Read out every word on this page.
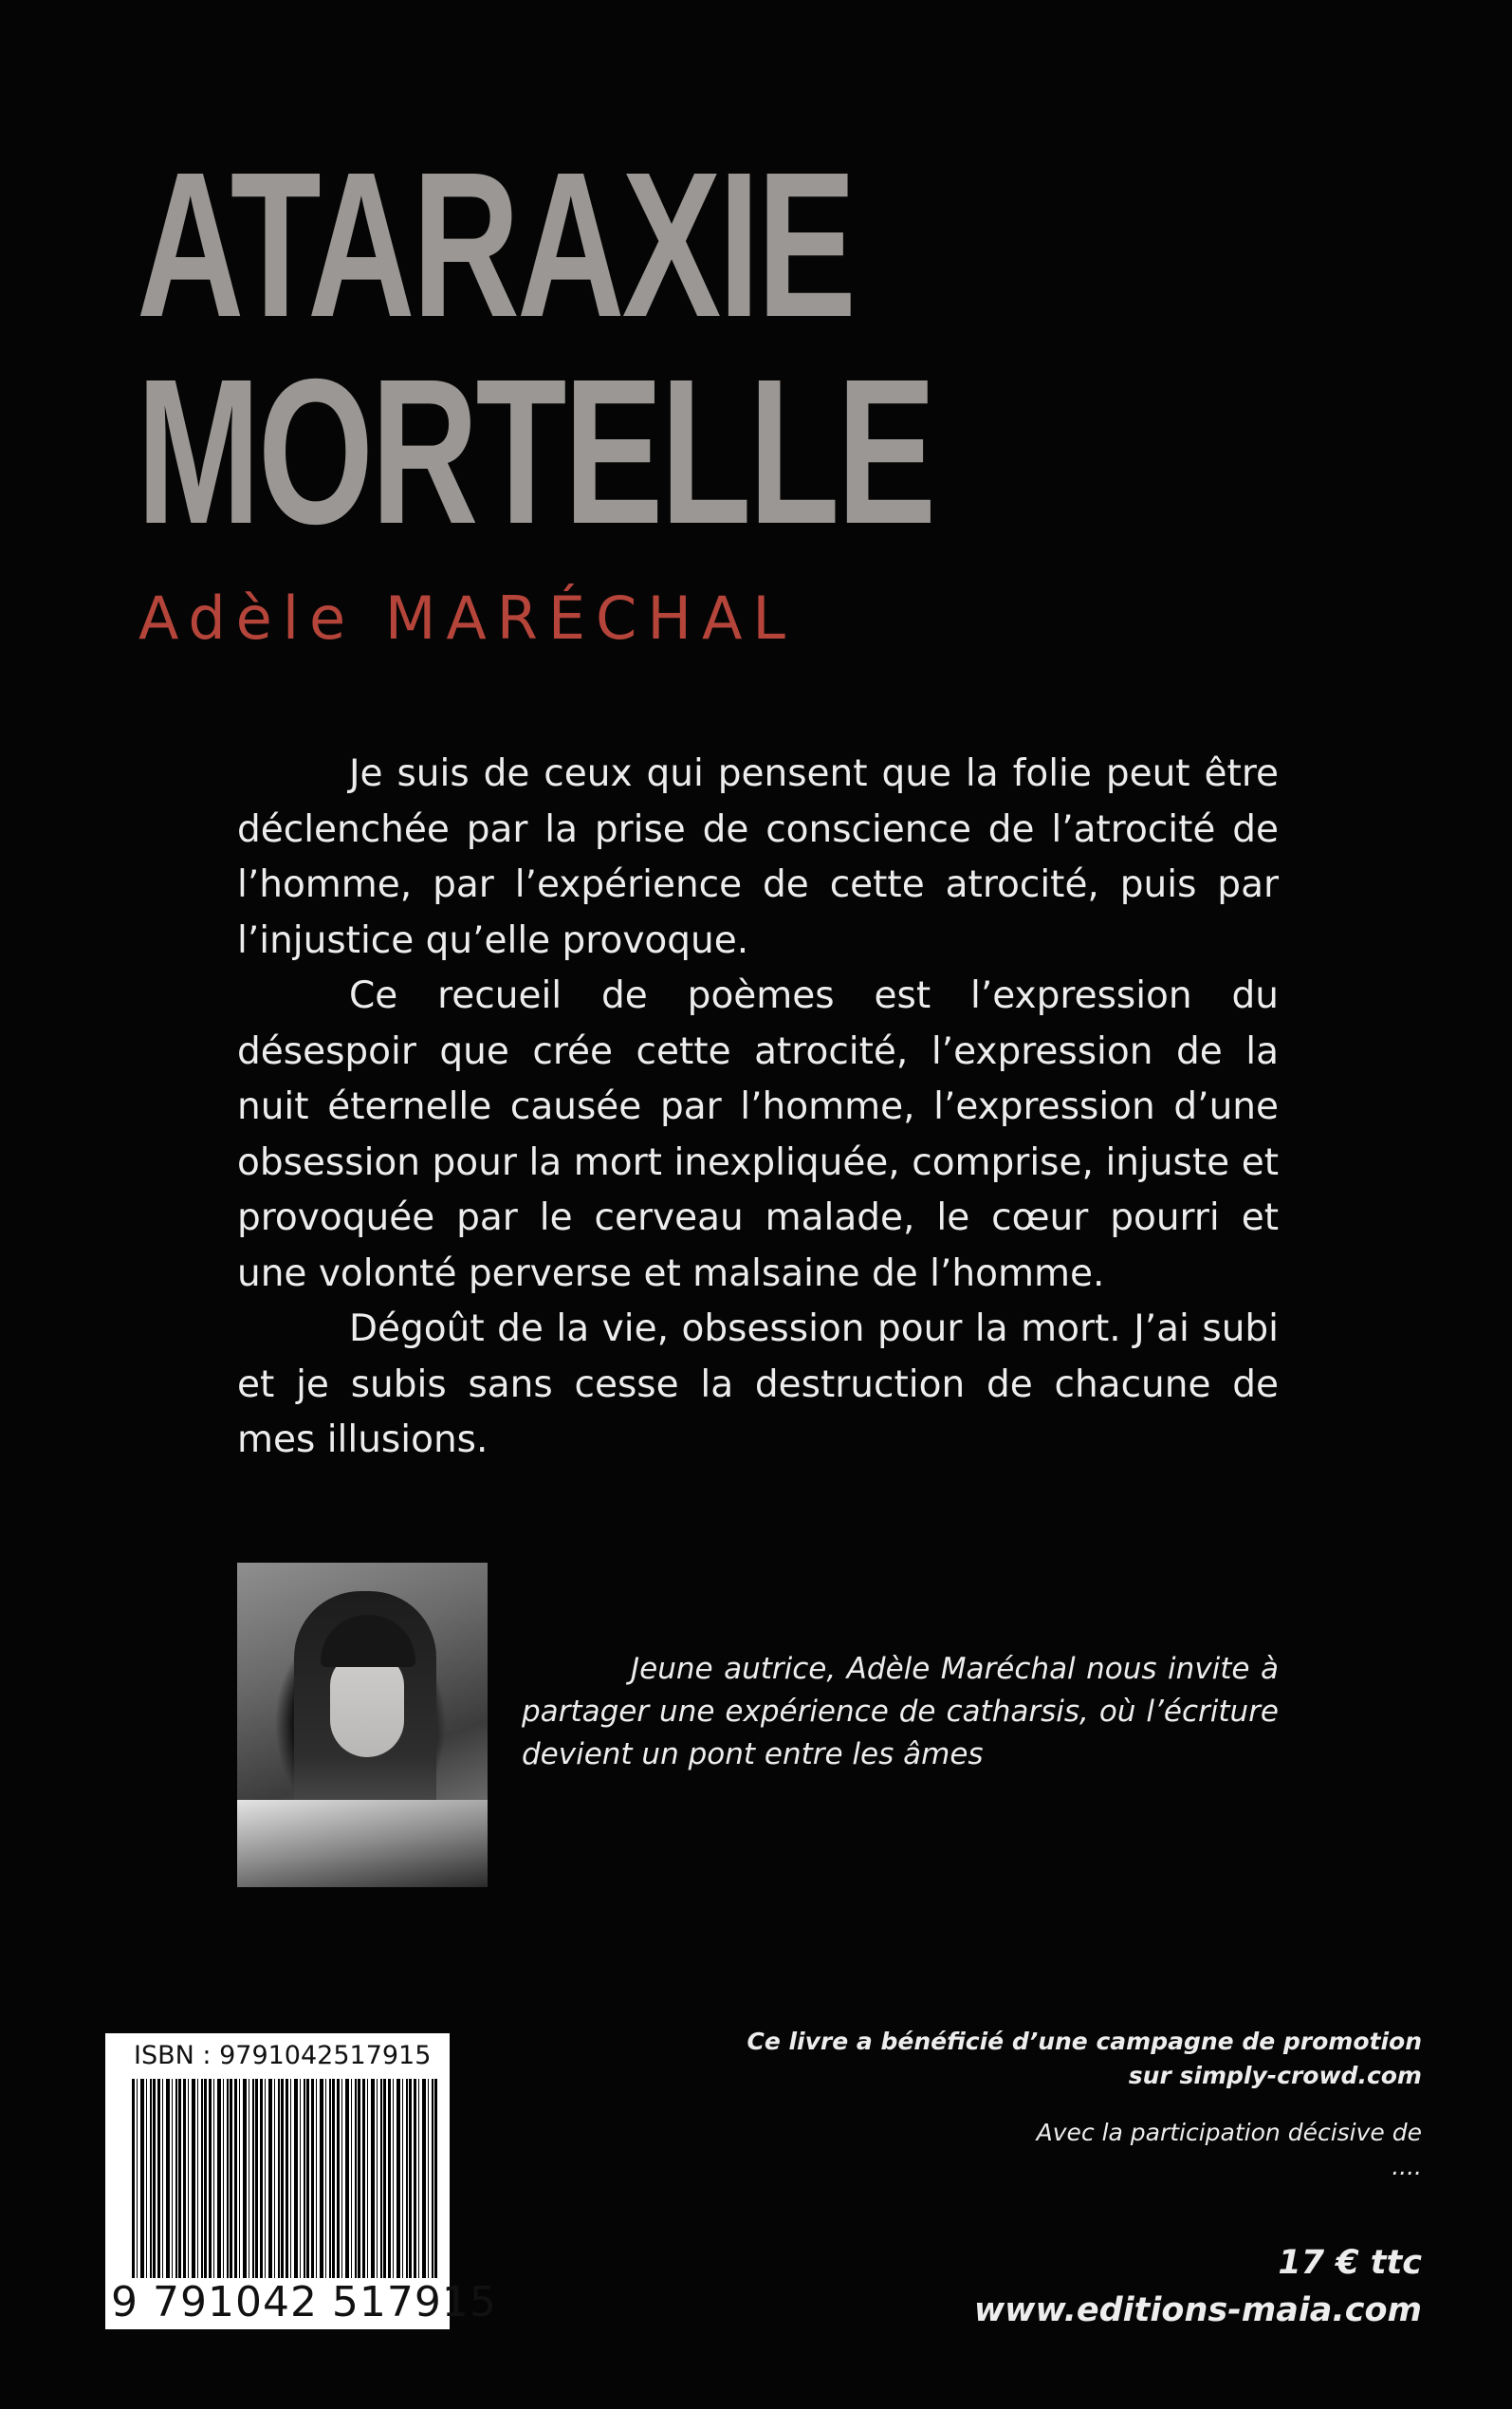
ATARAXIE
MORTELLE
Adèle MARÉCHAL

Je suis de ceux qui pensent que la folie peut être déclenchée par la prise de conscience de l’atrocité de l’homme, par l’expérience de cette atrocité, puis par l’injustice qu’elle provoque.

Ce recueil de poèmes est l’expression du désespoir que crée cette atrocité, l’expression de la nuit éternelle causée par l’homme, l’expression d’une obsession pour la mort inexpliquée, comprise, injuste et provoquée par le cerveau malade, le cœur pourri et une volonté perverse et malsaine de l’homme.

Dégoût de la vie, obsession pour la mort. J’ai subi et je subis sans cesse la destruction de chacune de mes illusions.

Jeune autrice, Adèle Maréchal nous invite à partager une expérience de catharsis, où l’écriture devient un pont entre les âmes

ISBN : 9791042517915
9 791042 517915
Ce livre a bénéficié d’une campagne de promotion
sur simply-crowd.com
Avec la participation décisive de
....
17 € ttc
www.editions-maia.com
